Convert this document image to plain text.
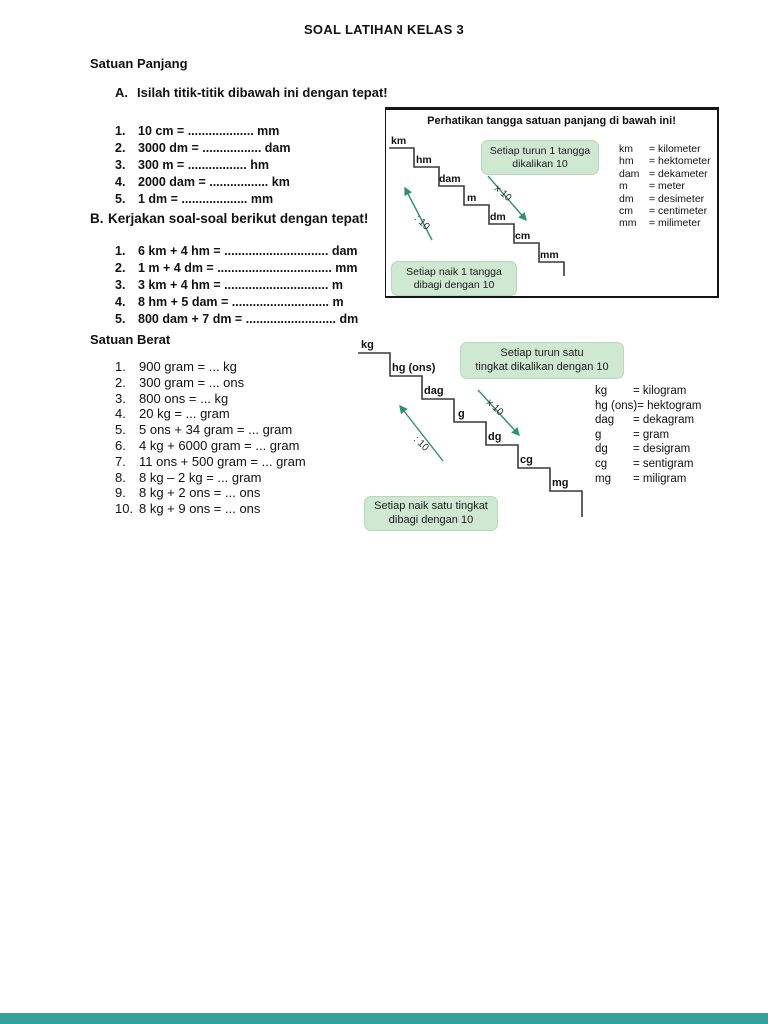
SOAL LATIHAN KELAS 3
Satuan Panjang
A. Isilah titik-titik dibawah ini dengan tepat!
1.	10 cm = ................... mm
2.	3000 dm = ................. dam
3.	300 m = ................. hm
4.	2000 dam = ................. km
5.	1 dm = ................... mm
B. Kerjakan soal-soal berikut dengan tepat!
1.	6 km + 4 hm = .............................. dam
2.	1 m + 4 dm = ................................. mm
3.	3 km + 4 hm = .............................. m
4.	8 hm + 5 dam = ............................ m
5.	800 dam + 7 dm = .......................... dm
Perhatikan tangga satuan panjang di bawah ini!
km
hm
dam
m
dm
cm
mm
x 10
: 10
Setiap turun 1 tangga
dikalikan 10
Setiap naik 1 tangga
dibagi dengan 10
km	= kilometer
hm	= hektometer
dam = dekameter
m	= meter
dm	= desimeter
cm	= centimeter
mm	= milimeter
Satuan Berat
1.	900 gram = ... kg
2.	300 gram = ... ons
3.	800 ons = ... kg
4.	20 kg = ... gram
5.	5 ons + 34 gram = ... gram
6.	4 kg + 6000 gram = ... gram
7.	11 ons + 500 gram = ... gram
8.	8 kg – 2 kg = ... gram
9.	8 kg + 2 ons = ... ons
10. 8 kg + 9 ons = ... ons
kg
hg (ons)
dag
g
dg
cg
mg
x 10
: 10
Setiap turun satu
tingkat dikalikan dengan 10
Setiap naik satu tingkat
dibagi dengan 10
kg	= kilogram
hg (ons) = hektogram
dag	= dekagram
g	= gram
dg	= desigram
cg	= sentigram
mg	= miligram
